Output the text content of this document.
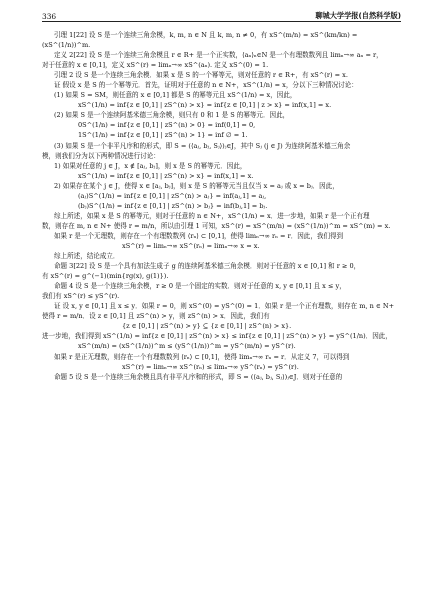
336	聊城大学学报(自然科学版)
引理 1[22] 设 S 是一个连续三角余模，k, m, n ∈ N 且 k, m, n ≠ 0，有 xS^(m/n) = xS^(km/kn) =
(xS^(1/n))^m.
定义 2[22] 设 S 是一个连续三角余模且 r ∈ R+ 是一个正实数，⟨aₙ⟩ₙ∈N 是一个有理数数列且 limₙ→∞ aₙ = r，
对于任意的 x ∈ [0,1]，定义 xS^(r) = limₙ→∞ xS^(aₙ). 定义 xS^(0) = 1.
引理 2 设 S 是一个连续三角余模．如果 x 是 S 的一个幂等元，则对任意的 r ∈ R+，有 xS^(r) = x.
证 假设 x 是 S 的一个幂等元．首先，证明对于任意的 n ∈ N+，xS^(1/n) = x，分以下三种情况讨论：
(1) 如果 S = SM，则任意的 x ∈ [0,1] 都是 S 的幂等元且 xS^(1/n) = x，因此，
xS^(1/n) = inf{z ∈ [0,1] | zS^(n) > x} = inf{z ∈ [0,1] | z > x} = inf(x,1] = x.
(2) 如果 S 是一个连续阿基米德三角余模，则只有 0 和 1 是 S 的幂等元．因此，
0S^(1/n) = inf{z ∈ [0,1] | zS^(n) > 0} = inf(0,1] = 0,
1S^(1/n) = inf{z ∈ [0,1] | zS^(n) > 1} = inf ∅ = 1.
(3) 如果 S 是一个非平凡序和的形式，即 S = (⟨aⱼ, bⱼ, Sⱼ⟩)ⱼ∈J，其中 Sⱼ (j ∈ J) 为连续阿基米德三角余
模，则我们分为以下两种情况进行讨论：
1) 如果对任意的 j ∈ J，x ∉ [aⱼ, bⱼ]，则 x 是 S 的幂等元．因此，
xS^(1/n) = inf{z ∈ [0,1] | zS^(n) > x} = inf(x,1] = x.
2) 如果存在某个 j ∈ J，使得 x ∈ [aⱼ, bⱼ]，则 x 是 S 的幂等元当且仅当 x = aⱼ 或 x = bⱼ．因此，
(aⱼ)S^(1/n) = inf{z ∈ [0,1] | zS^(n) > aⱼ} = inf(aⱼ,1] = aⱼ,
(bⱼ)S^(1/n) = inf{z ∈ [0,1] | zS^(n) > bⱼ} = inf(bⱼ,1] = bⱼ.
综上所述，如果 x 是 S 的幂等元，则对于任意的 n ∈ N+，xS^(1/n) = x．进一步地，如果 r 是一个正有理
数，则存在 m, n ∈ N+ 使得 r = m/n，所以由引理 1 可知，xS^(r) = xS^(m/n) = (xS^(1/n))^m = xS^(m) = x.
如果 r 是一个无理数，则存在一个有理数数列 ⟨rₙ⟩ ⊂ [0,1]，使得 limₙ→∞ rₙ = r．因此，我们得到
xS^(r) = limₙ→∞ xS^(rₙ) = limₙ→∞ x = x.
综上所述，结论成立．
命题 3[22] 设 S 是一个具有加法生成子 g 的连续阿基米德三角余模．则对于任意的 x ∈ [0,1] 和 r ≥ 0，
有 xS^(r) = g^(−1)(min{rg(x), g(1)}).
命题 4 设 S 是一个连续三角余模，r ≥ 0 是一个固定的实数．则对于任意的 x, y ∈ [0,1] 且 x ≤ y，
我们有 xS^(r) ≤ yS^(r).
证 设 x, y ∈ [0,1] 且 x ≤ y．如果 r = 0，则 xS^(0) = yS^(0) = 1．如果 r 是一个正有理数，则存在 m, n ∈ N+
使得 r = m/n．设 z ∈ [0,1] 且 zS^(n) > y，则 zS^(n) > x．因此，我们有
{z ∈ [0,1] | zS^(n) > y} ⊆ {z ∈ [0,1] | zS^(n) > x}.
进一步地，我们得到 xS^(1/n) = inf{z ∈ [0,1] | zS^(n) > x} ≤ inf{z ∈ [0,1] | zS^(n) > y} = yS^(1/n)．因此，
xS^(m/n) = (xS^(1/n))^m ≤ (yS^(1/n))^m = yS^(m/n) = yS^(r).
如果 r 是正无理数，则存在一个有理数数列 ⟨rₙ⟩ ⊂ [0,1]，使得 limₙ→∞ rₙ = r．从定义 7，可以得到
xS^(r) = limₙ→∞ xS^(rₙ) ≤ limₙ→∞ yS^(rₙ) = yS^(r).
命题 5 设 S 是一个连续三角余模且具有非平凡序和的形式，即 S = (⟨aⱼ, bⱼ, Sⱼ⟩)ⱼ∈J．则对于任意的
